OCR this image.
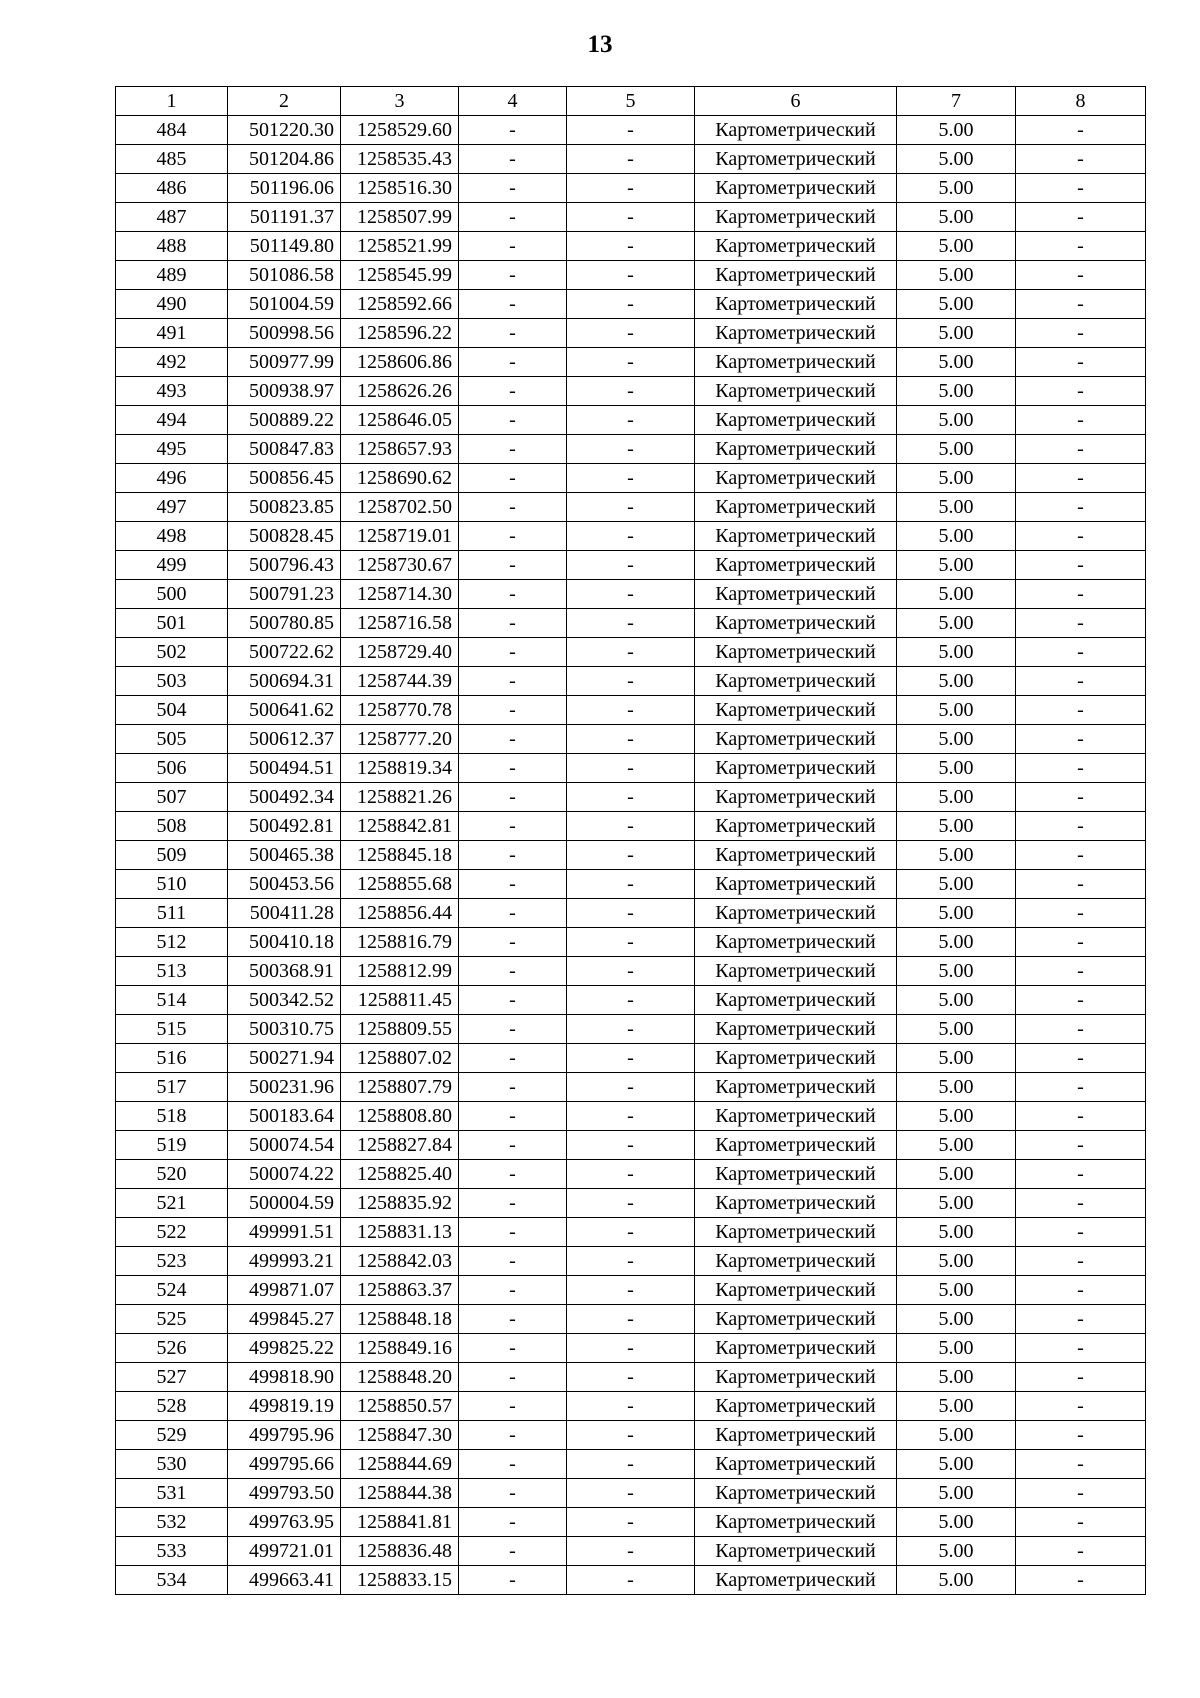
13
1	2	3	4	5	6	7	8
484	501220.30	1258529.60	-	-	Картометрический	5.00	-
485	501204.86	1258535.43	-	-	Картометрический	5.00	-
486	501196.06	1258516.30	-	-	Картометрический	5.00	-
487	501191.37	1258507.99	-	-	Картометрический	5.00	-
488	501149.80	1258521.99	-	-	Картометрический	5.00	-
489	501086.58	1258545.99	-	-	Картометрический	5.00	-
490	501004.59	1258592.66	-	-	Картометрический	5.00	-
491	500998.56	1258596.22	-	-	Картометрический	5.00	-
492	500977.99	1258606.86	-	-	Картометрический	5.00	-
493	500938.97	1258626.26	-	-	Картометрический	5.00	-
494	500889.22	1258646.05	-	-	Картометрический	5.00	-
495	500847.83	1258657.93	-	-	Картометрический	5.00	-
496	500856.45	1258690.62	-	-	Картометрический	5.00	-
497	500823.85	1258702.50	-	-	Картометрический	5.00	-
498	500828.45	1258719.01	-	-	Картометрический	5.00	-
499	500796.43	1258730.67	-	-	Картометрический	5.00	-
500	500791.23	1258714.30	-	-	Картометрический	5.00	-
501	500780.85	1258716.58	-	-	Картометрический	5.00	-
502	500722.62	1258729.40	-	-	Картометрический	5.00	-
503	500694.31	1258744.39	-	-	Картометрический	5.00	-
504	500641.62	1258770.78	-	-	Картометрический	5.00	-
505	500612.37	1258777.20	-	-	Картометрический	5.00	-
506	500494.51	1258819.34	-	-	Картометрический	5.00	-
507	500492.34	1258821.26	-	-	Картометрический	5.00	-
508	500492.81	1258842.81	-	-	Картометрический	5.00	-
509	500465.38	1258845.18	-	-	Картометрический	5.00	-
510	500453.56	1258855.68	-	-	Картометрический	5.00	-
511	500411.28	1258856.44	-	-	Картометрический	5.00	-
512	500410.18	1258816.79	-	-	Картометрический	5.00	-
513	500368.91	1258812.99	-	-	Картометрический	5.00	-
514	500342.52	1258811.45	-	-	Картометрический	5.00	-
515	500310.75	1258809.55	-	-	Картометрический	5.00	-
516	500271.94	1258807.02	-	-	Картометрический	5.00	-
517	500231.96	1258807.79	-	-	Картометрический	5.00	-
518	500183.64	1258808.80	-	-	Картометрический	5.00	-
519	500074.54	1258827.84	-	-	Картометрический	5.00	-
520	500074.22	1258825.40	-	-	Картометрический	5.00	-
521	500004.59	1258835.92	-	-	Картометрический	5.00	-
522	499991.51	1258831.13	-	-	Картометрический	5.00	-
523	499993.21	1258842.03	-	-	Картометрический	5.00	-
524	499871.07	1258863.37	-	-	Картометрический	5.00	-
525	499845.27	1258848.18	-	-	Картометрический	5.00	-
526	499825.22	1258849.16	-	-	Картометрический	5.00	-
527	499818.90	1258848.20	-	-	Картометрический	5.00	-
528	499819.19	1258850.57	-	-	Картометрический	5.00	-
529	499795.96	1258847.30	-	-	Картометрический	5.00	-
530	499795.66	1258844.69	-	-	Картометрический	5.00	-
531	499793.50	1258844.38	-	-	Картометрический	5.00	-
532	499763.95	1258841.81	-	-	Картометрический	5.00	-
533	499721.01	1258836.48	-	-	Картометрический	5.00	-
534	499663.41	1258833.15	-	-	Картометрический	5.00	-
